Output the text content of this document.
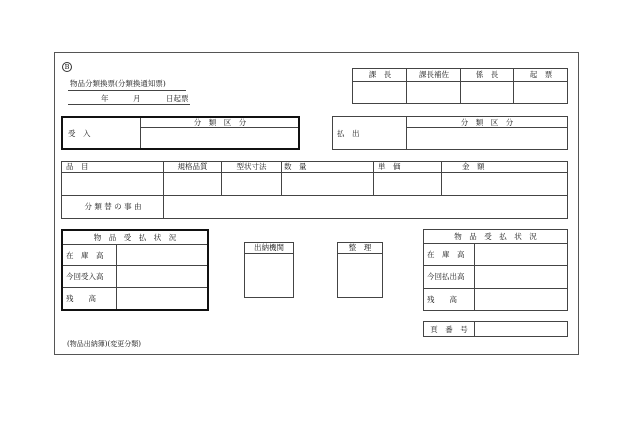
B
物品分類換票(分類換通知票)
年	月	日起票
課　長	課長補佐	係　長	起　票
受　入
分　類　区　分
払　出
分　類　区　分
品　目	規格品質	型状寸法	数　量	単　価	金　額
分 類 替 の 事 由
物　品　受　払　状　況
在　庫　高
今回受入高
残　　高
出納機関	整　理
物　品　受　払　状　況
在　庫　高
今回払出高
残　　高
頁　番　号
(物品出納簿)(変更分類)
